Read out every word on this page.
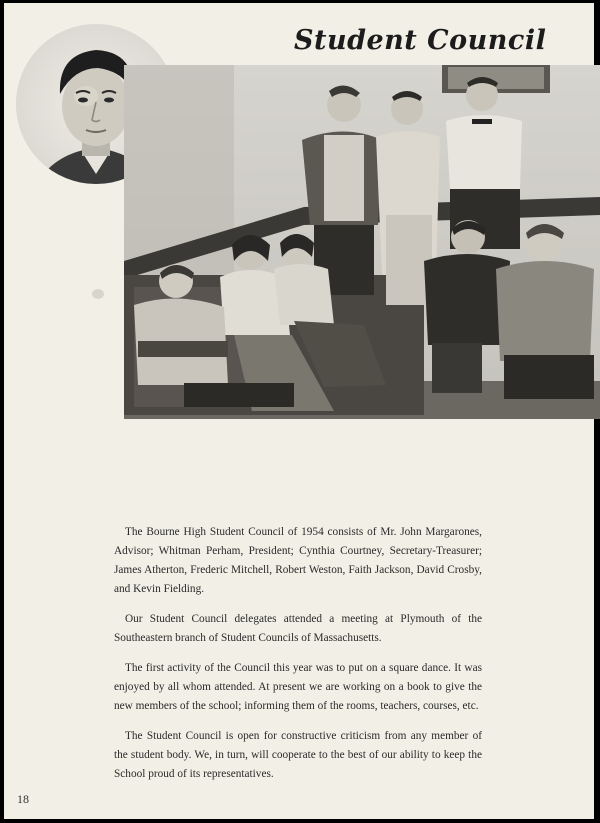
Student Council

The Bourne High Student Council of 1954 consists of Mr. John Margarones, Advisor; Whitman Perham, President; Cynthia Courtney, Secretary-Treasurer; James Atherton, Frederic Mitchell, Robert Weston, Faith Jackson, David Crosby, and Kevin Fielding.

Our Student Council delegates attended a meeting at Plymouth of the Southeastern branch of Student Councils of Massachusetts.

The first activity of the Council this year was to put on a square dance. It was enjoyed by all whom attended. At present we are working on a book to give the new members of the school; informing them of the rooms, teachers, courses, etc.

The Student Council is open for constructive criticism from any member of the student body. We, in turn, will cooperate to the best of our ability to keep the School proud of its representatives.

18
